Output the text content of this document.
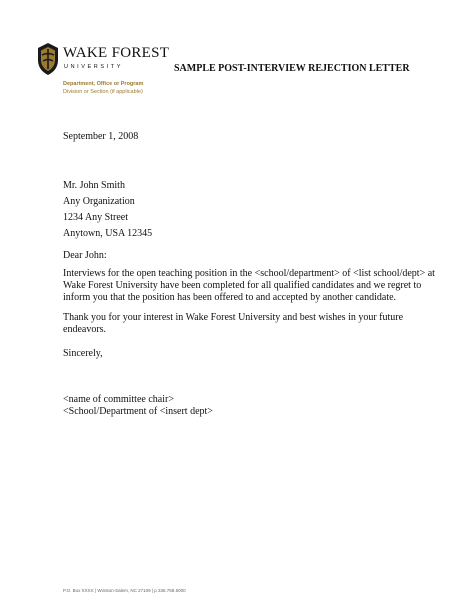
WAKE FOREST
UNIVERSITY	SAMPLE POST-INTERVIEW REJECTION LETTER
Department, Office or Program
Division or Section (if applicable)
September 1, 2008
Mr. John Smith
Any Organization
1234 Any Street
Anytown, USA 12345
Dear John:
Interviews for the open teaching position in the <school/department> of <list school/dept> at Wake Forest University have been completed for all qualified candidates and we regret to inform you that the position has been offered to and accepted by another candidate.
Thank you for your interest in Wake Forest University and best wishes in your future endeavors.
Sincerely,
<name of committee chair>
<School/Department of <insert dept>
P.O. Box XXXX | Winston-Salem, NC 27109 | p 336.758.5000
